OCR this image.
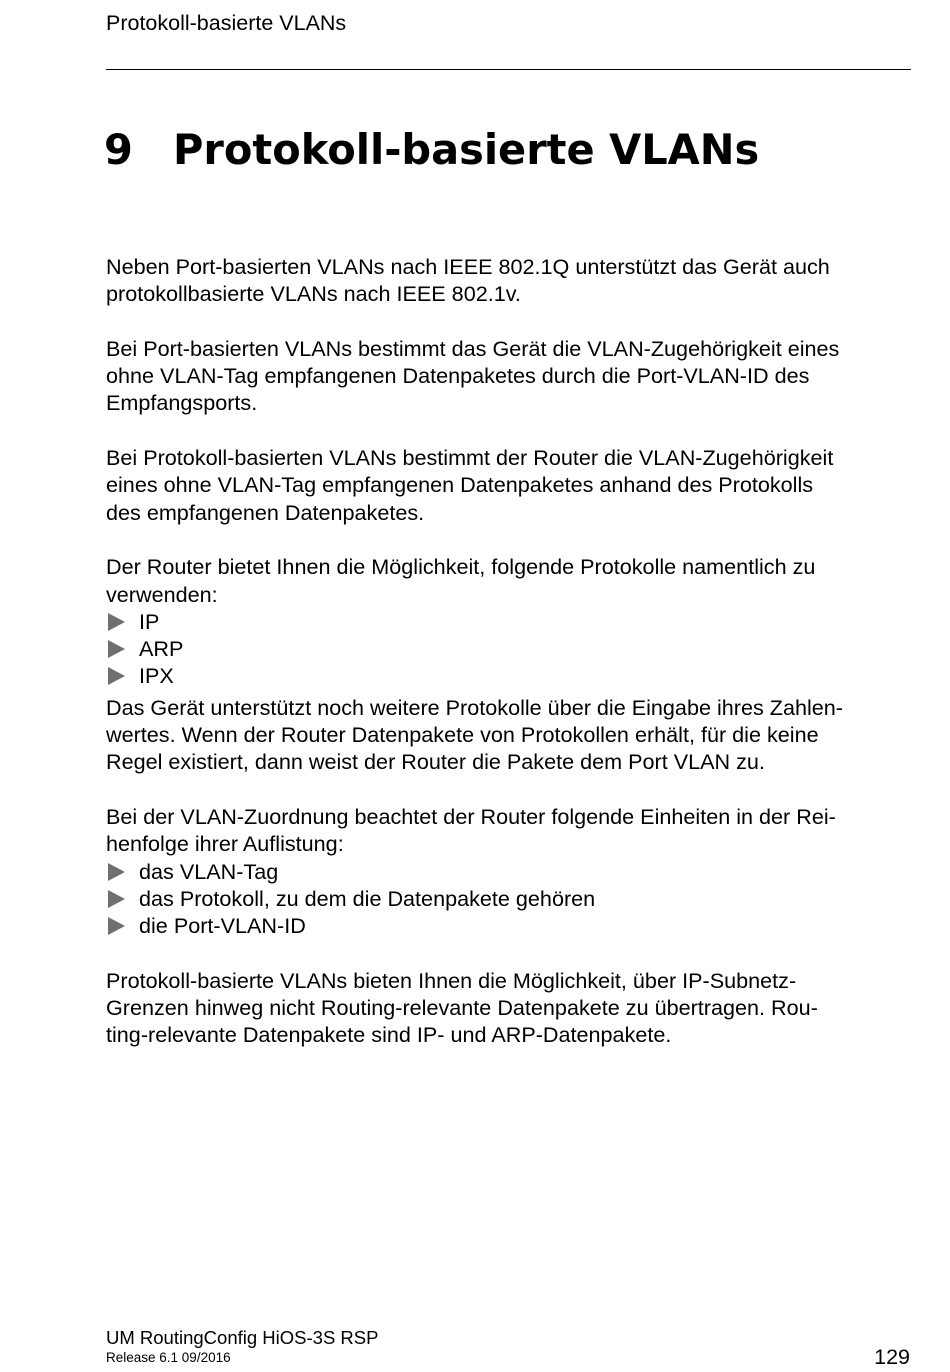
Protokoll-basierte VLANs
9 Protokoll-basierte VLANs

Neben Port-basierten VLANs nach IEEE 802.1Q unterstützt das Gerät auch
protokollbasierte VLANs nach IEEE 802.1v.

Bei Port-basierten VLANs bestimmt das Gerät die VLAN-Zugehörigkeit eines
ohne VLAN-Tag empfangenen Datenpaketes durch die Port-VLAN-ID des
Empfangsports.

Bei Protokoll-basierten VLANs bestimmt der Router die VLAN-Zugehörigkeit
eines ohne VLAN-Tag empfangenen Datenpaketes anhand des Protokolls
des empfangenen Datenpaketes.

Der Router bietet Ihnen die Möglichkeit, folgende Protokolle namentlich zu
verwenden:

IP
ARP
IPX

Das Gerät unterstützt noch weitere Protokolle über die Eingabe ihres Zahlen-
wertes. Wenn der Router Datenpakete von Protokollen erhält, für die keine
Regel existiert, dann weist der Router die Pakete dem Port VLAN zu.

Bei der VLAN-Zuordnung beachtet der Router folgende Einheiten in der Rei-
henfolge ihrer Auflistung:

das VLAN-Tag
das Protokoll, zu dem die Datenpakete gehören
die Port-VLAN-ID

Protokoll-basierte VLANs bieten Ihnen die Möglichkeit, über IP-Subnetz-
Grenzen hinweg nicht Routing-relevante Datenpakete zu übertragen. Rou-
ting-relevante Datenpakete sind IP- und ARP-Datenpakete.

UM RoutingConfig HiOS-3S RSP
Release 6.1 09/2016	129
